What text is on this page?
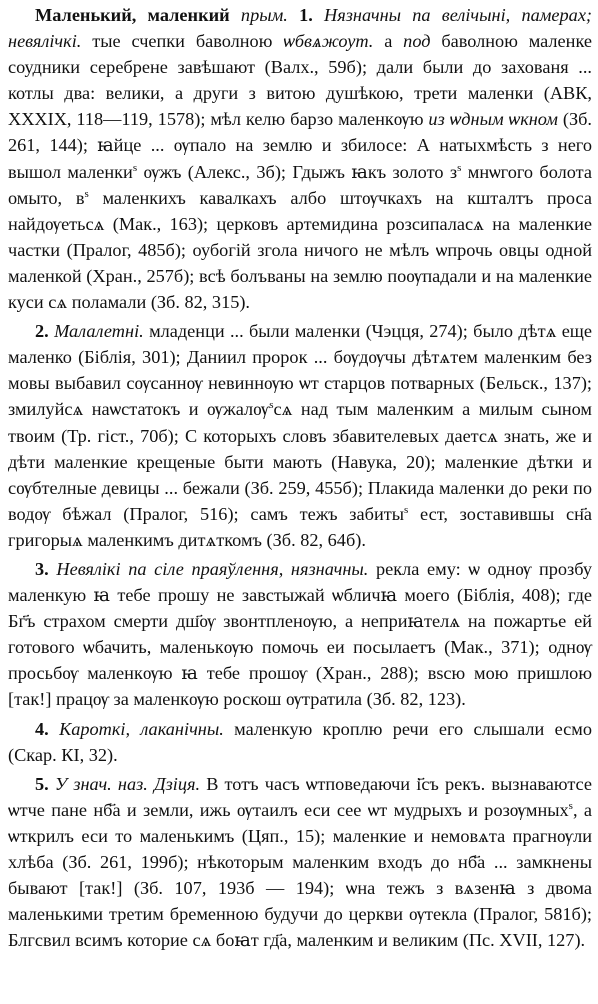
Маленький, маленкий прым. 1. Нязначны па велічыні, памерах; невялічкі. тые счепки баволною ѡбвѧжоут. а под баволною маленке соудники серебрене завѣшают (Валх., 59б); дали были до захованя ... котлы два: велики, а други з витою душѣкою, трети маленки (АВК, XXXIX, 118—119, 1578); мѣл келю барзо маленкѹю из ѡдным ѡкном (Зб. 261, 144); ꙗйце ... ѹпало на землю и збилосе: А натыхмѣсть з него вышол маленки$^s$ ѹжъ (Алекс., 3б); Гдыжъ ꙗкъ золото $з^s$ мнѡгого болота омыто, $в^s$ маленкихъ кавалкахъ албо штѹчкахъ на кшталтъ проса найдѹетьсѧ (Мак., 163); церковъ артемидина розсипаласѧ на маленкие частки (Пралог, 485б); оубогій згола ничого не мѣлъ ѡпрочь овцы одной маленкой (Хран., 257б); всѣ болъваны на землю поѹпадали и на маленкие куси сѧ поламали (Зб. 82, 315).

2. Малалетні. младенци ... были маленки (Чэцця, 274); было дѣтѧ еще маленко (Біблія, 301); Даниил пророк ... бѹдѹчы дѣтѧтем маленким без мовы выбавил сѹсаннѹ невиннѹю ѡт старцов потварных (Бельск., 137); змилуйсѧ наѡстатокъ и ѹжалѹ$^s$сѧ над тым маленким а милым сыном твоим (Тр. гіст., 70б); С которыхъ словъ збавителевых даетсѧ знать, же и дѣти маленкие крещеные быти мають (Навука, 20); маленкие дѣтки и сѹбтелные девицы ... бежали (Зб. 259, 455б); Плакида маленки до реки по водѹ бѣжал (Пралог, 516); самъ тежъ забиты$^s$ ест, зоставившы сн҃а григорыѧ маленкимъ дитѧткомъ (Зб. 82, 64б).

3. Невялікі па сіле праяўлення, нязначны. рекла ему: ѡ однѹ прозбу маленкую ꙗ тебе прошу не завстыжай ѡбличꙗ моего (Біблія, 408); где Бг҃ъ страхом смерти дш҃ѹ звонтпленѹю, а неприꙗтелѧ на пожартье ей готового ѡбачить, маленькѹю помочь еи посылаетъ (Мак., 371); однѹ просьбѹ маленкѹю ꙗ тебе прошѹ (Хран., 288); вѕсю мою пришлою [так!] працѹ за маленкѹю роскош ѹтратила (Зб. 82, 123).

4. Кароткі, лаканічны. маленкую кроплю речи его слышали есмо (Скар. КІ, 32).

5. У знач. наз. Дзіця. В тотъ часъ ѡтповедаючи і҃съ рекъ. вызнаваютсе ѡтче пане нб҃а и земли, ижь ѹтаилъ еси сее ѡт мудрыхъ и розѹмных$^s$, а ѡткрилъ еси то маленькимъ (Цяп., 15); маленкие и немовѧта прагнѹли хлѣба (Зб. 261, 199б); нѣкоторым маленким входъ до нб҃а ... замкнены бывают [так!] (Зб. 107, 193б — 194); ѡна тежъ з вѧзенꙗ з двома маленькими третим бременною будучи до церкви ѹтекла (Пралог, 581б); Блгсвил всимъ которие сѧ боꙗт гд҃а, маленким и великим (Пс. XVII, 127).
